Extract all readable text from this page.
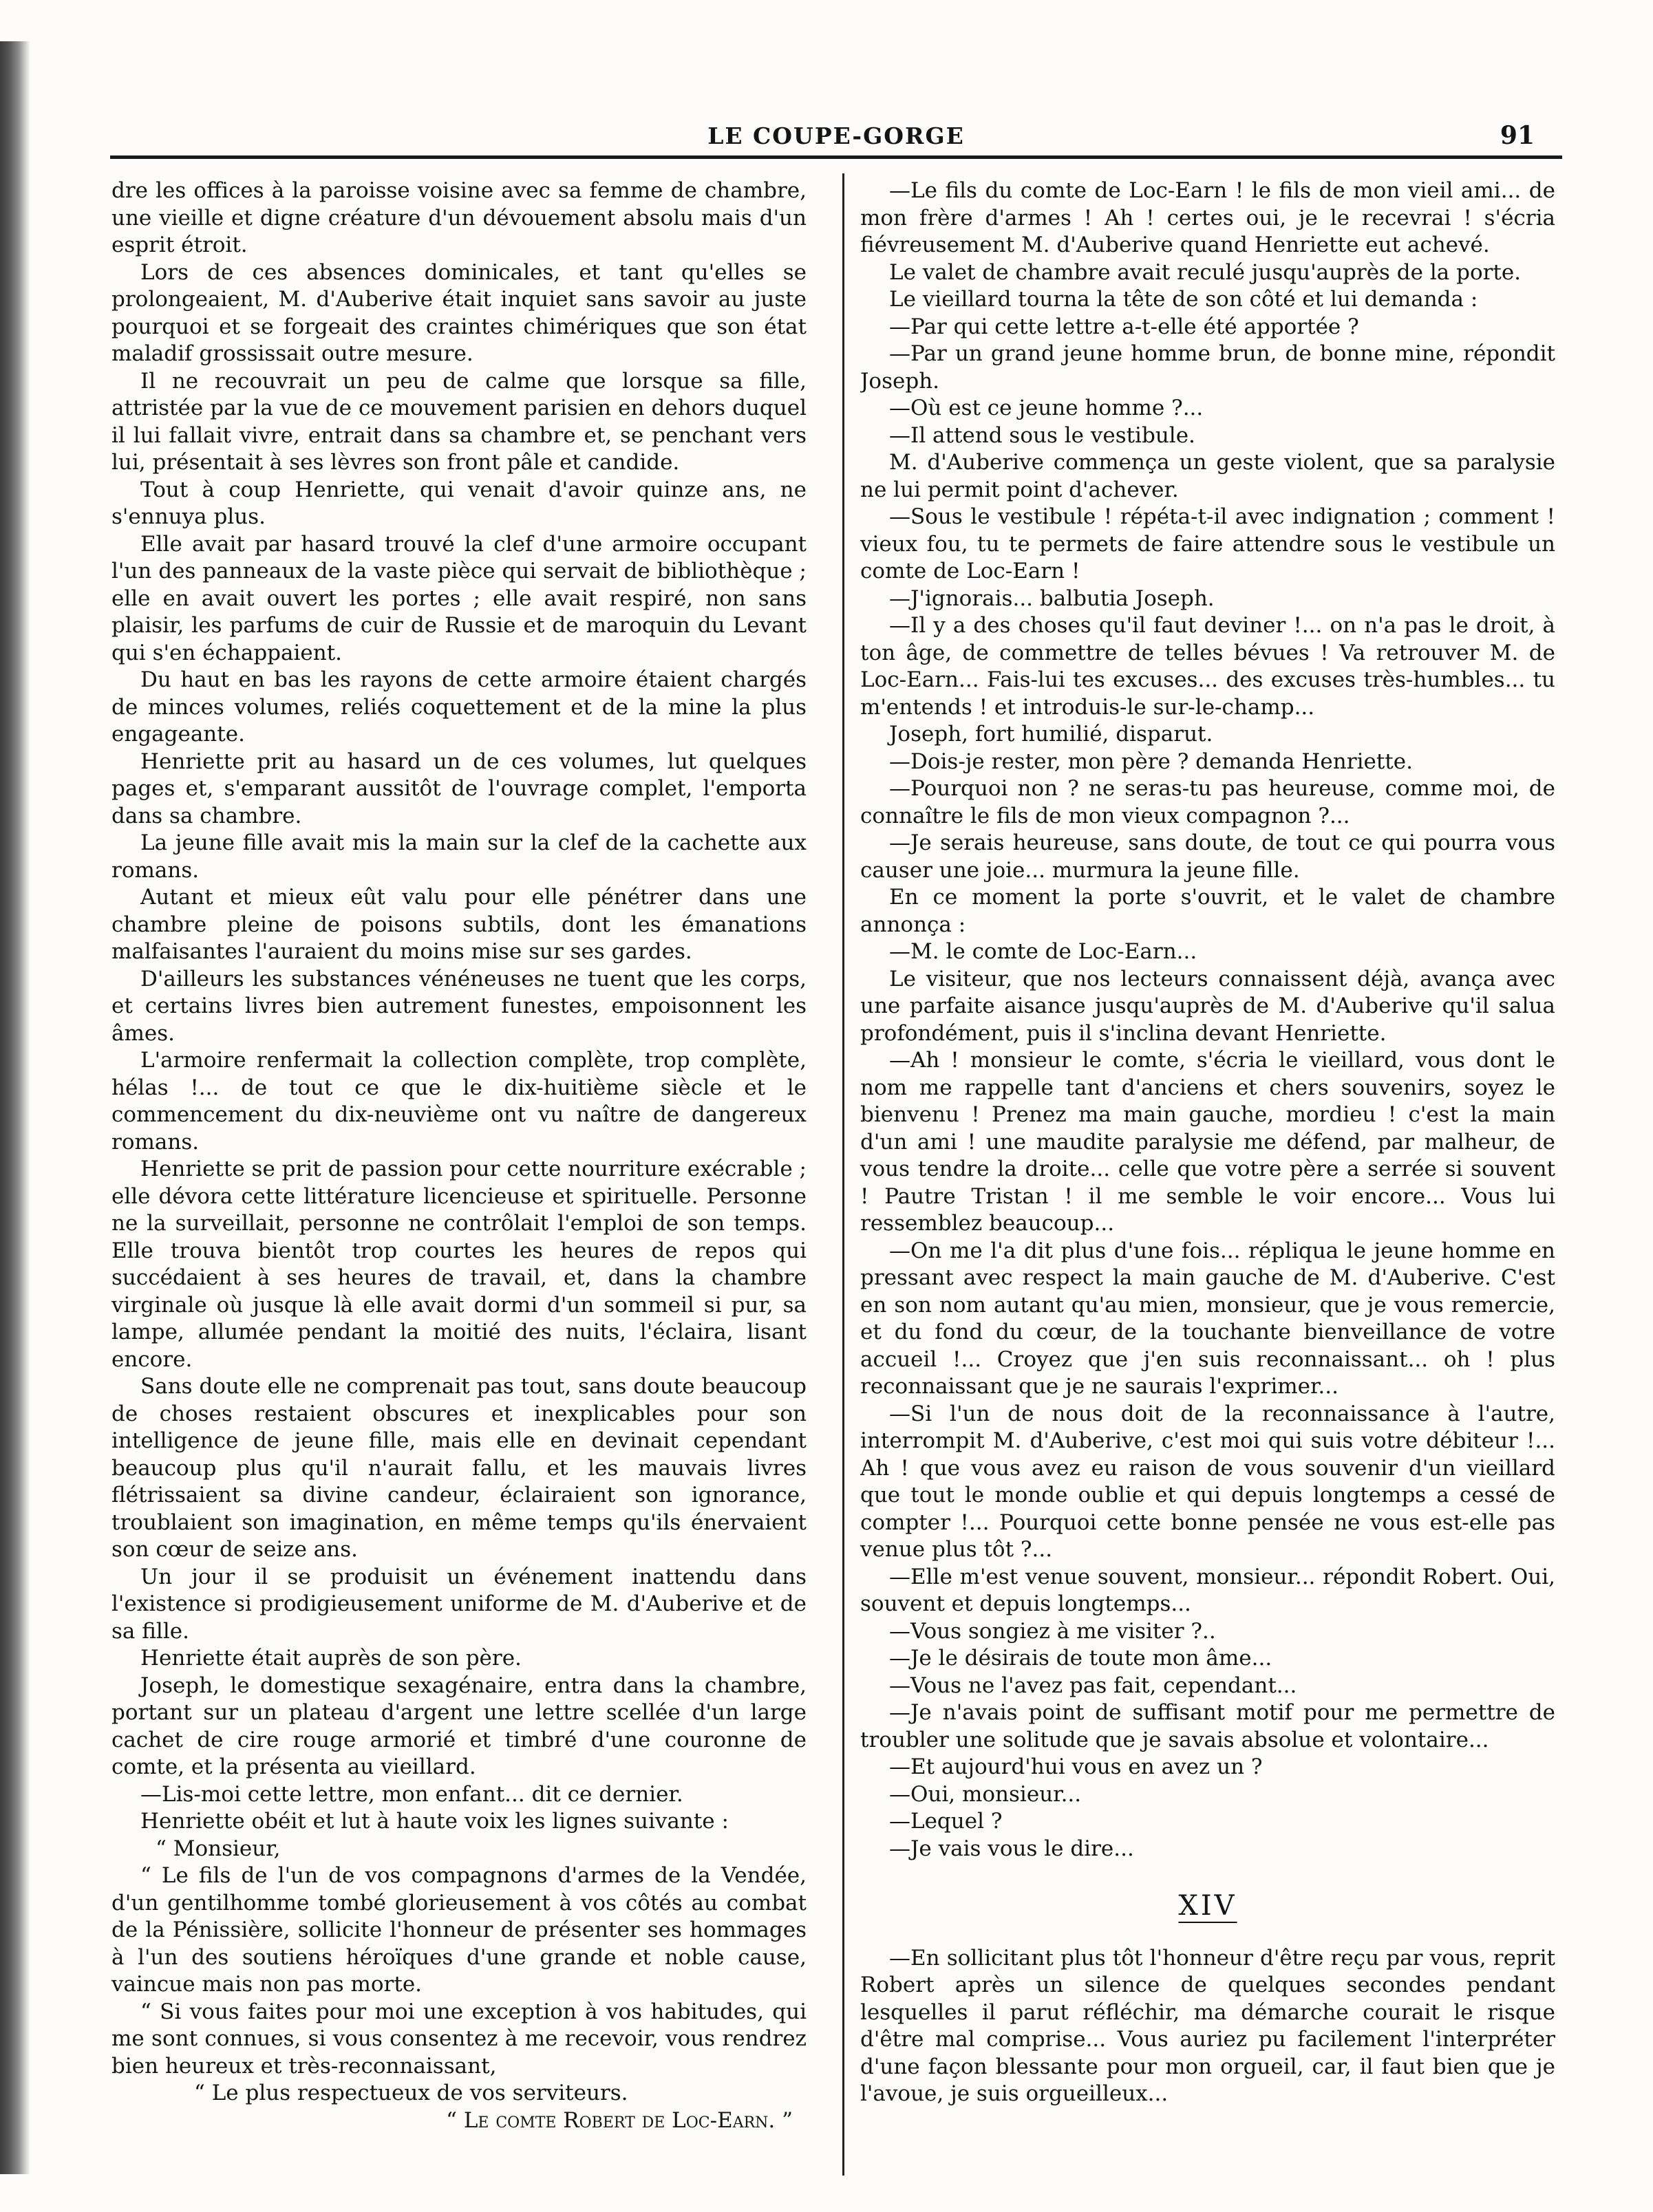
LE COUPE-GORGE	91

dre les offices à la paroisse voisine avec sa femme de chambre, une vieille et digne créature d'un dévouement absolu mais d'un esprit étroit.

Lors de ces absences dominicales, et tant qu'elles se prolongeaient, M. d'Auberive était inquiet sans savoir au juste pourquoi et se forgeait des craintes chimériques que son état maladif grossissait outre mesure.

Il ne recouvrait un peu de calme que lorsque sa fille, attristée par la vue de ce mouvement parisien en dehors duquel il lui fallait vivre, entrait dans sa chambre et, se penchant vers lui, présentait à ses lèvres son front pâle et candide.

Tout à coup Henriette, qui venait d'avoir quinze ans, ne s'ennuya plus.

Elle avait par hasard trouvé la clef d'une armoire occupant l'un des panneaux de la vaste pièce qui servait de bibliothèque ; elle en avait ouvert les portes ; elle avait respiré, non sans plaisir, les parfums de cuir de Russie et de maroquin du Levant qui s'en échappaient.

Du haut en bas les rayons de cette armoire étaient chargés de minces volumes, reliés coquettement et de la mine la plus engageante.

Henriette prit au hasard un de ces volumes, lut quelques pages et, s'emparant aussitôt de l'ouvrage complet, l'emporta dans sa chambre.

La jeune fille avait mis la main sur la clef de la cachette aux romans.

Autant et mieux eût valu pour elle pénétrer dans une chambre pleine de poisons subtils, dont les émanations malfaisantes l'auraient du moins mise sur ses gardes.

D'ailleurs les substances vénéneuses ne tuent que les corps, et certains livres bien autrement funestes, empoisonnent les âmes.

L'armoire renfermait la collection complète, trop complète, hélas !... de tout ce que le dix-huitième siècle et le commencement du dix-neuvième ont vu naître de dangereux romans.

Henriette se prit de passion pour cette nourriture exécrable ; elle dévora cette littérature licencieuse et spirituelle. Personne ne la surveillait, personne ne contrôlait l'emploi de son temps. Elle trouva bientôt trop courtes les heures de repos qui succédaient à ses heures de travail, et, dans la chambre virginale où jusque là elle avait dormi d'un sommeil si pur, sa lampe, allumée pendant la moitié des nuits, l'éclaira, lisant encore.

Sans doute elle ne comprenait pas tout, sans doute beaucoup de choses restaient obscures et inexplicables pour son intelligence de jeune fille, mais elle en devinait cependant beaucoup plus qu'il n'aurait fallu, et les mauvais livres flétrissaient sa divine candeur, éclairaient son ignorance, troublaient son imagination, en même temps qu'ils énervaient son cœur de seize ans.

Un jour il se produisit un événement inattendu dans l'existence si prodigieusement uniforme de M. d'Auberive et de sa fille.

Henriette était auprès de son père.

Joseph, le domestique sexagénaire, entra dans la chambre, portant sur un plateau d'argent une lettre scellée d'un large cachet de cire rouge armorié et timbré d'une couronne de comte, et la présenta au vieillard.

—Lis-moi cette lettre, mon enfant... dit ce dernier.

Henriette obéit et lut à haute voix les lignes suivante :

“ Monsieur,

“ Le fils de l'un de vos compagnons d'armes de la Vendée, d'un gentilhomme tombé glorieusement à vos côtés au combat de la Pénissière, sollicite l'honneur de présenter ses hommages à l'un des soutiens héroïques d'une grande et noble cause, vaincue mais non pas morte.

“ Si vous faites pour moi une exception à vos habitudes, qui me sont connues, si vous consentez à me recevoir, vous rendrez bien heureux et très-reconnaissant,

“ Le plus respectueux de vos serviteurs.

“ Le comte Robert de Loc-Earn. ”

—Le fils du comte de Loc-Earn ! le fils de mon vieil ami... de mon frère d'armes ! Ah ! certes oui, je le recevrai ! s'écria fiévreusement M. d'Auberive quand Henriette eut achevé.

Le valet de chambre avait reculé jusqu'auprès de la porte.

Le vieillard tourna la tête de son côté et lui demanda :

—Par qui cette lettre a-t-elle été apportée ?

—Par un grand jeune homme brun, de bonne mine, répondit Joseph.

—Où est ce jeune homme ?...

—Il attend sous le vestibule.

M. d'Auberive commença un geste violent, que sa paralysie ne lui permit point d'achever.

—Sous le vestibule ! répéta-t-il avec indignation ; comment ! vieux fou, tu te permets de faire attendre sous le vestibule un comte de Loc-Earn !

—J'ignorais... balbutia Joseph.

—Il y a des choses qu'il faut deviner !... on n'a pas le droit, à ton âge, de commettre de telles bévues ! Va retrouver M. de Loc-Earn... Fais-lui tes excuses... des excuses très-humbles... tu m'entends ! et introduis-le sur-le-champ...

Joseph, fort humilié, disparut.

—Dois-je rester, mon père ? demanda Henriette.

—Pourquoi non ? ne seras-tu pas heureuse, comme moi, de connaître le fils de mon vieux compagnon ?...

—Je serais heureuse, sans doute, de tout ce qui pourra vous causer une joie... murmura la jeune fille.

En ce moment la porte s'ouvrit, et le valet de chambre annonça :

—M. le comte de Loc-Earn...

Le visiteur, que nos lecteurs connaissent déjà, avança avec une parfaite aisance jusqu'auprès de M. d'Auberive qu'il salua profondément, puis il s'inclina devant Henriette.

—Ah ! monsieur le comte, s'écria le vieillard, vous dont le nom me rappelle tant d'anciens et chers souvenirs, soyez le bienvenu ! Prenez ma main gauche, mordieu ! c'est la main d'un ami ! une maudite paralysie me défend, par malheur, de vous tendre la droite... celle que votre père a serrée si souvent ! Pautre Tristan ! il me semble le voir encore... Vous lui ressemblez beaucoup...

—On me l'a dit plus d'une fois... répliqua le jeune homme en pressant avec respect la main gauche de M. d'Auberive. C'est en son nom autant qu'au mien, monsieur, que je vous remercie, et du fond du cœur, de la touchante bienveillance de votre accueil !... Croyez que j'en suis reconnaissant... oh ! plus reconnaissant que je ne saurais l'exprimer...

—Si l'un de nous doit de la reconnaissance à l'autre, interrompit M. d'Auberive, c'est moi qui suis votre débiteur !... Ah ! que vous avez eu raison de vous souvenir d'un vieillard que tout le monde oublie et qui depuis longtemps a cessé de compter !... Pourquoi cette bonne pensée ne vous est-elle pas venue plus tôt ?...

—Elle m'est venue souvent, monsieur... répondit Robert. Oui, souvent et depuis longtemps...

—Vous songiez à me visiter ?..

—Je le désirais de toute mon âme...

—Vous ne l'avez pas fait, cependant...

—Je n'avais point de suffisant motif pour me permettre de troubler une solitude que je savais absolue et volontaire...

—Et aujourd'hui vous en avez un ?

—Oui, monsieur...

—Lequel ?

—Je vais vous le dire...

XIV

—En sollicitant plus tôt l'honneur d'être reçu par vous, reprit Robert après un silence de quelques secondes pendant lesquelles il parut réfléchir, ma démarche courait le risque d'être mal comprise... Vous auriez pu facilement l'interpréter d'une façon blessante pour mon orgueil, car, il faut bien que je l'avoue, je suis orgueilleux...
